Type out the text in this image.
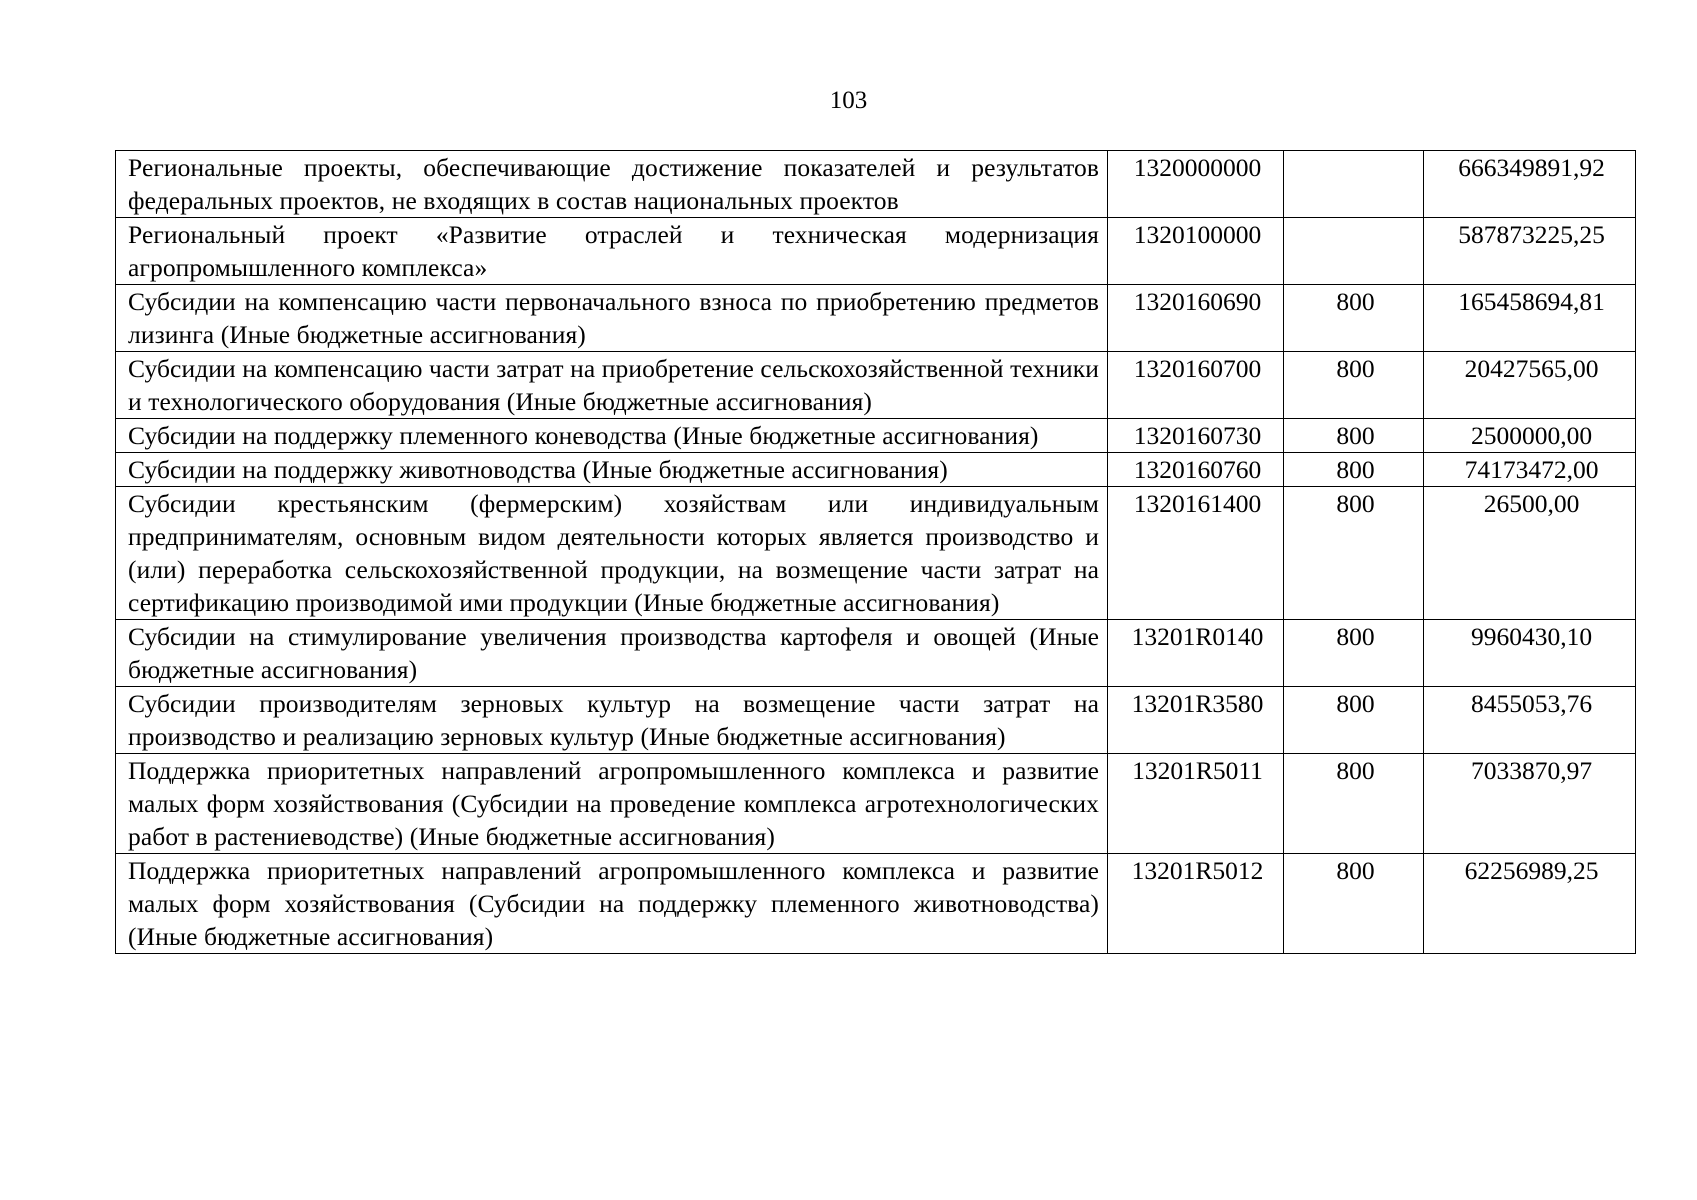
103
Региональные проекты, обеспечивающие достижение показателей и результатов федеральных проектов, не входящих в состав национальных проектов	1320000000		666349891,92
Региональный проект «Развитие отраслей и техническая модернизация агропромышленного комплекса»	1320100000		587873225,25
Субсидии на компенсацию части первоначального взноса по приобретению предметов лизинга (Иные бюджетные ассигнования)	1320160690	800	165458694,81
Субсидии на компенсацию части затрат на приобретение сельскохозяйственной техники и технологического оборудования (Иные бюджетные ассигнования)	1320160700	800	20427565,00
Субсидии на поддержку племенного коневодства (Иные бюджетные ассигнования)	1320160730	800	2500000,00
Субсидии на поддержку животноводства (Иные бюджетные ассигнования)	1320160760	800	74173472,00
Субсидии крестьянским (фермерским) хозяйствам или индивидуальным предпринимателям, основным видом деятельности которых является производство и (или) переработка сельскохозяйственной продукции, на возмещение части затрат на сертификацию производимой ими продукции (Иные бюджетные ассигнования)	1320161400	800	26500,00
Субсидии на стимулирование увеличения производства картофеля и овощей (Иные бюджетные ассигнования)	13201R0140	800	9960430,10
Субсидии производителям зерновых культур на возмещение части затрат на производство и реализацию зерновых культур (Иные бюджетные ассигнования)	13201R3580	800	8455053,76
Поддержка приоритетных направлений агропромышленного комплекса и развитие малых форм хозяйствования (Субсидии на проведение комплекса агротехнологических работ в растениеводстве) (Иные бюджетные ассигнования)	13201R5011	800	7033870,97
Поддержка приоритетных направлений агропромышленного комплекса и развитие малых форм хозяйствования (Субсидии на поддержку племенного животноводства) (Иные бюджетные ассигнования)	13201R5012	800	62256989,25
